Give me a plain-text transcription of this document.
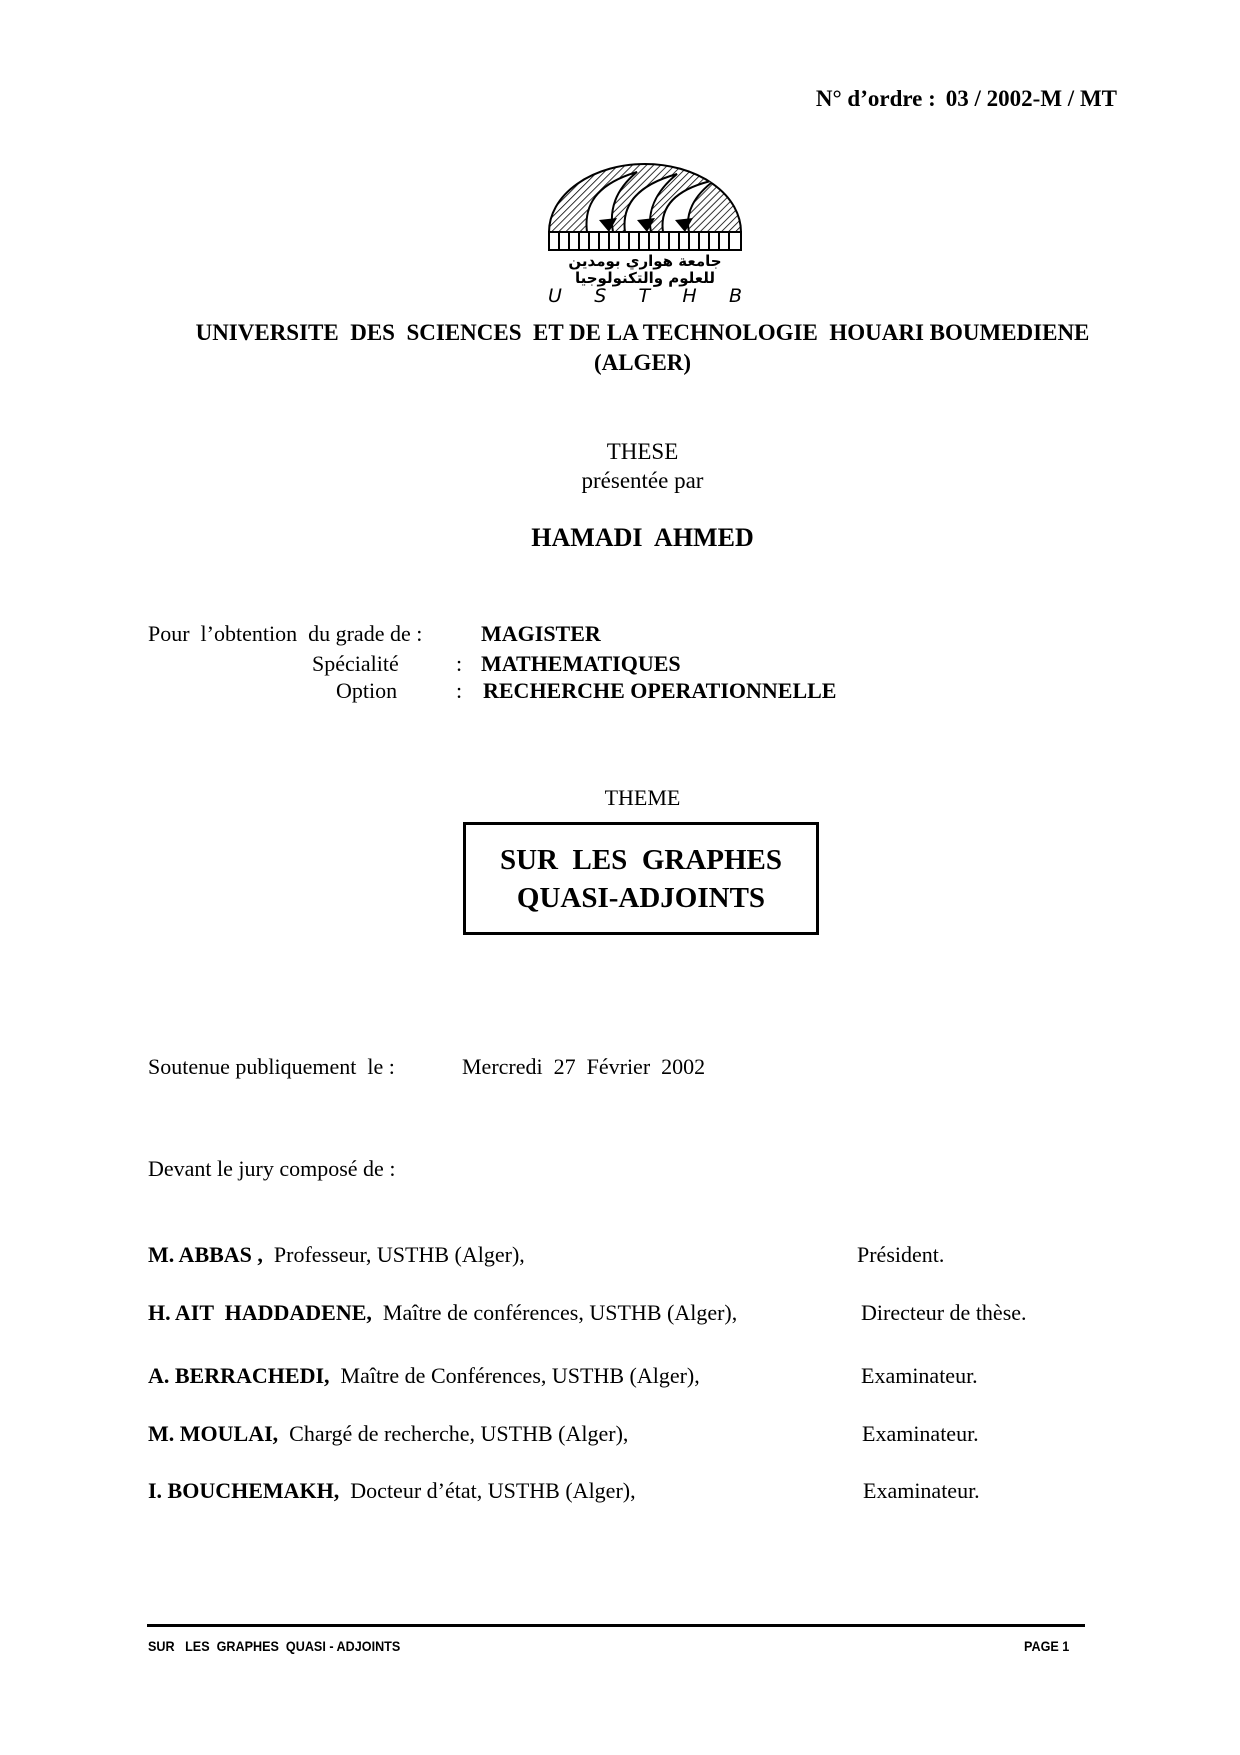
N° d’ordre : 03 / 2002-M / MT
جامعة هواري بومدين
للعلوم والتكنولوجيا
U S T H B
UNIVERSITE  DES  SCIENCES  ET DE LA TECHNOLOGIE  HOUARI BOUMEDIENE
(ALGER)
THESE
présentée par
HAMADI  AHMED
Pour  l’obtention  du grade de :	MAGISTER
Spécialité	: MATHEMATIQUES
Option	: RECHERCHE OPERATIONNELLE
THEME
SUR  LES  GRAPHES
QUASI-ADJOINTS
Soutenue publiquement  le :	Mercredi  27  Février  2002
Devant le jury composé de :
M. ABBAS ,  Professeur, USTHB (Alger),	Président.
H. AIT  HADDADENE,  Maître de conférences, USTHB (Alger),	Directeur de thèse.
A. BERRACHEDI,  Maître de Conférences, USTHB (Alger),	Examinateur.
M. MOULAI,  Chargé de recherche, USTHB (Alger),	Examinateur.
I. BOUCHEMAKH,  Docteur d’état, USTHB (Alger),	Examinateur.
SUR   LES  GRAPHES  QUASI - ADJOINTS	PAGE 1
